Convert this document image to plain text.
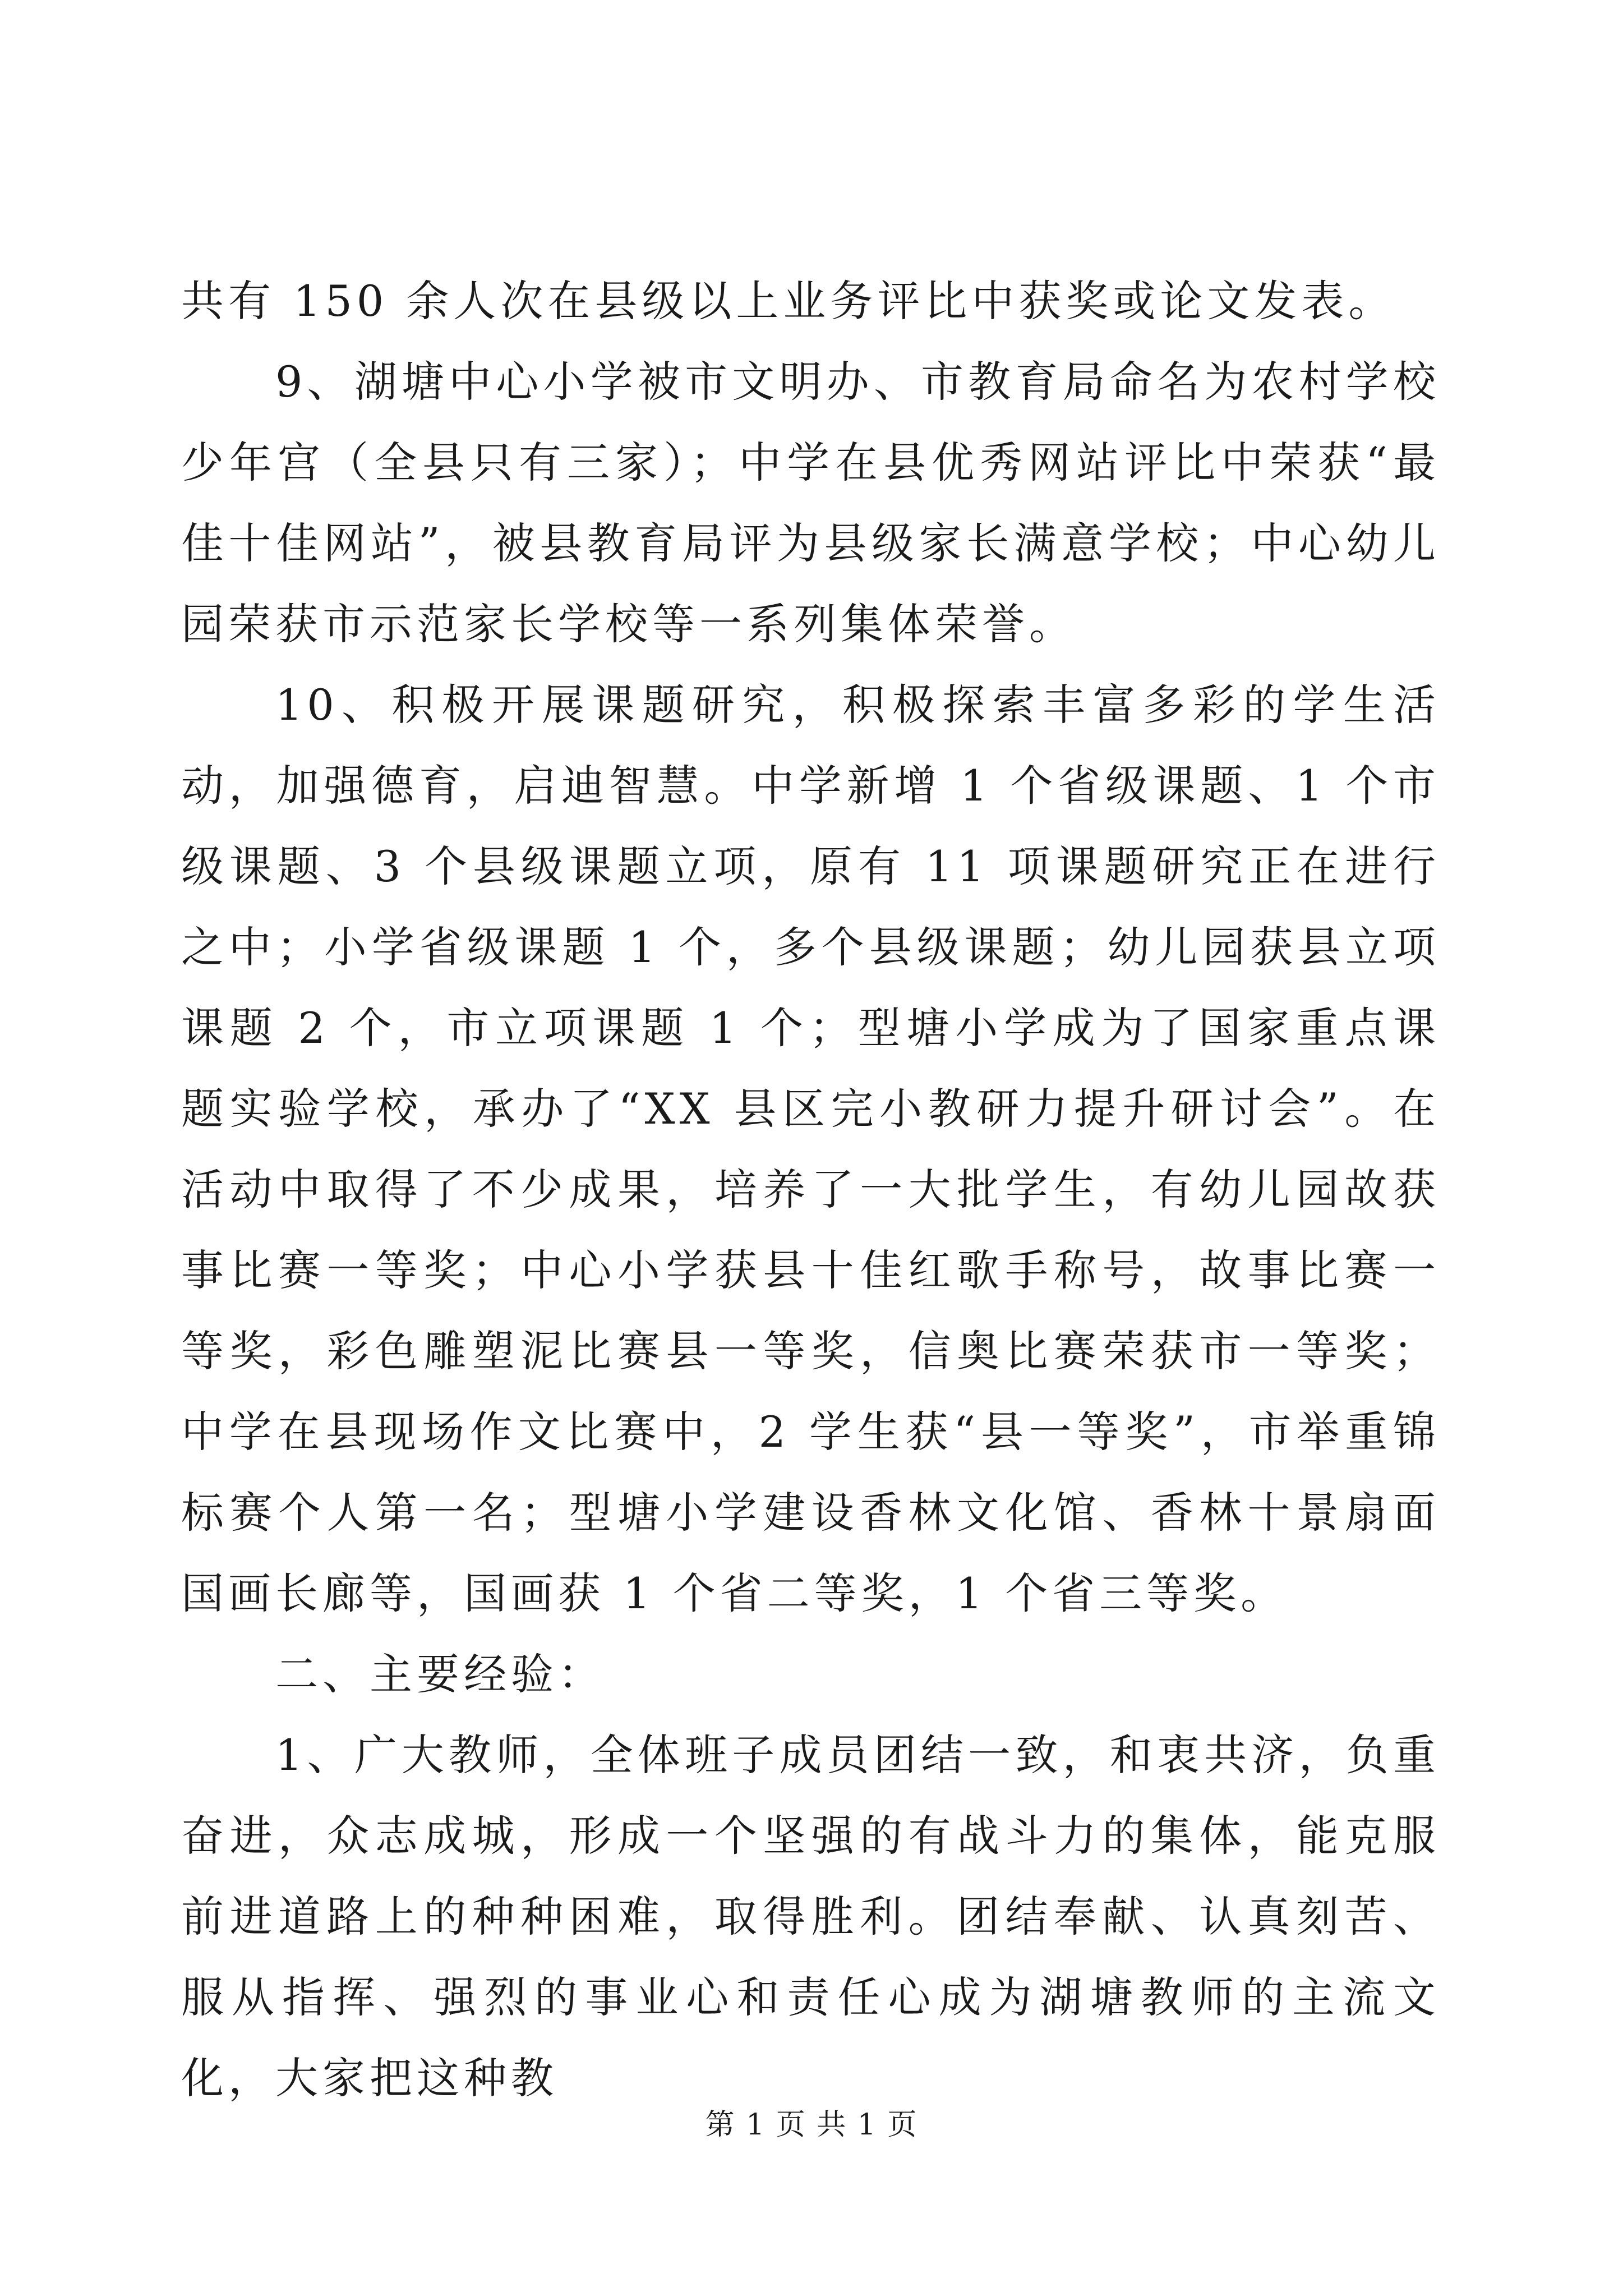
共有 150 余人次在县级以上业务评比中获奖或论文发表。

9、湖塘中心小学被市文明办、市教育局命名为农村学校少年宫（全县只有三家）；中学在县优秀网站评比中荣获“最佳十佳网站”，被县教育局评为县级家长满意学校；中心幼儿园荣获市示范家长学校等一系列集体荣誉。

10、积极开展课题研究，积极探索丰富多彩的学生活动，加强德育，启迪智慧。中学新增 1 个省级课题、1 个市级课题、3 个县级课题立项，原有 11 项课题研究正在进行之中；小学省级课题 1 个，多个县级课题；幼儿园获县立项课题 2 个，市立项课题 1 个；型塘小学成为了国家重点课题实验学校，承办了“XX 县区完小教研力提升研讨会”。在活动中取得了不少成果，培养了一大批学生，有幼儿园故获事比赛一等奖；中心小学获县十佳红歌手称号，故事比赛一等奖，彩色雕塑泥比赛县一等奖，信奥比赛荣获市一等奖；中学在县现场作文比赛中，2 学生获“县一等奖”，市举重锦标赛个人第一名；型塘小学建设香林文化馆、香林十景扇面国画长廊等，国画获 1 个省二等奖，1 个省三等奖。

二、主要经验：

1、广大教师，全体班子成员团结一致，和衷共济，负重奋进，众志成城，形成一个坚强的有战斗力的集体，能克服前进道路上的种种困难，取得胜利。团结奉献、认真刻苦、服从指挥、强烈的事业心和责任心成为湖塘教师的主流文化，大家把这种教

第 1 页 共 1 页
